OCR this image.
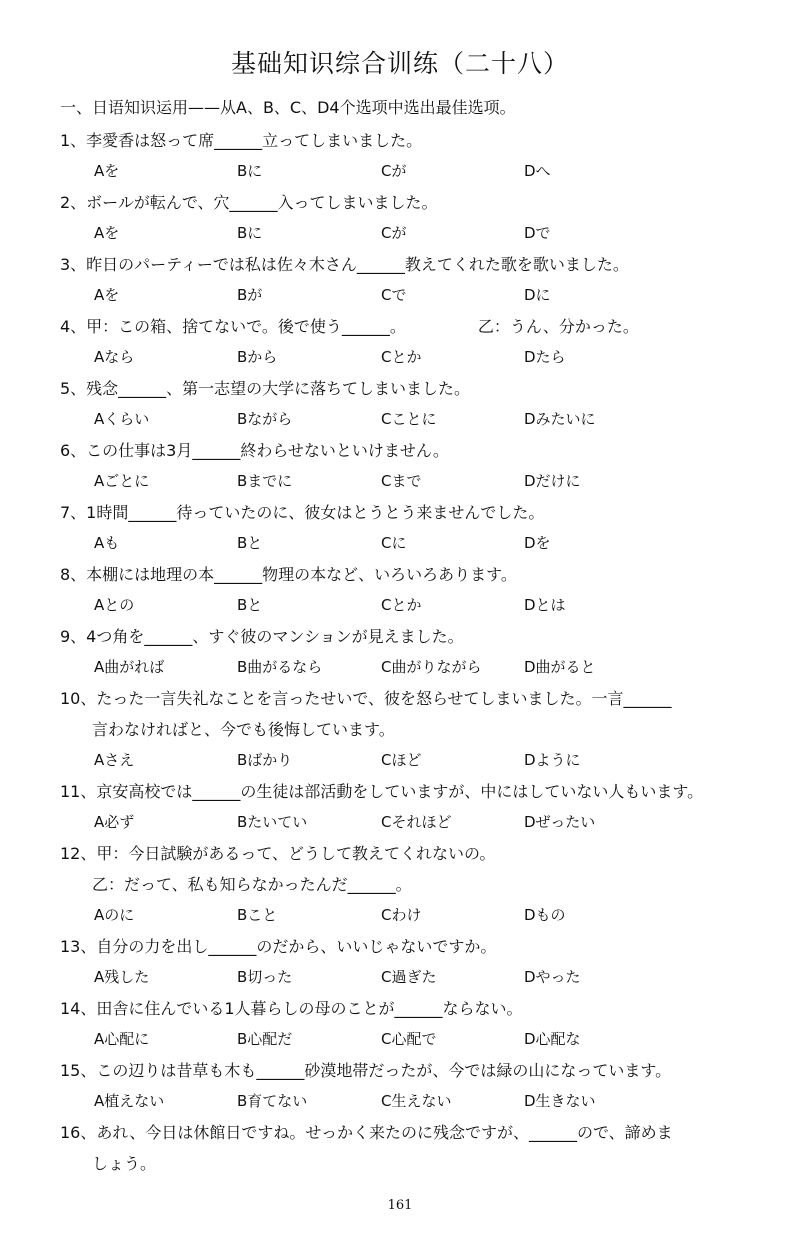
基础知识综合训练（二十八）
一、日语知识运用——从A、B、C、D4个选项中选出最佳选项。
1、李愛香は怒って席______立ってしまいました。
Aを	Bに	Cが	Dへ
2、ボールが転んで、穴______入ってしまいました。
Aを	Bに	Cが	Dで
3、昨日のパーティーでは私は佐々木さん______教えてくれた歌を歌いました。
Aを	Bが	Cで	Dに
4、甲：この箱、捨てないで。後で使う______。　　　　　乙：うん、分かった。
Aなら	Bから	Cとか	Dたら
5、残念______、第一志望の大学に落ちてしまいました。
Aくらい	Bながら	Cことに	Dみたいに
6、この仕事は3月______終わらせないといけません。
Aごとに	Bまでに	Cまで	Dだけに
7、1時間______待っていたのに、彼女はとうとう来ませんでした。
Aも	Bと	Cに	Dを
8、本棚には地理の本______物理の本など、いろいろあります。
Aとの	Bと	Cとか	Dとは
9、4つ角を______、すぐ彼のマンションが見えました。
A曲がれば	B曲がるなら	C曲がりながら	D曲がると
10、たった一言失礼なことを言ったせいで、彼を怒らせてしまいました。一言______
言わなければと、今でも後悔しています。
Aさえ	Bばかり	Cほど	Dように
11、京安高校では______の生徒は部活動をしていますが、中にはしていない人もいます。
A必ず	Bたいてい	Cそれほど	Dぜったい
12、甲：今日試験があるって、どうして教えてくれないの。
乙：だって、私も知らなかったんだ______。
Aのに	Bこと	Cわけ	Dもの
13、自分の力を出し______のだから、いいじゃないですか。
A残した	B切った	C過ぎた	Dやった
14、田舎に住んでいる1人暮らしの母のことが______ならない。
A心配に	B心配だ	C心配で	D心配な
15、この辺りは昔草も木も______砂漠地帯だったが、今では緑の山になっています。
A植えない	B育てない	C生えない	D生きない
16、あれ、今日は休館日ですね。せっかく来たのに残念ですが、______ので、諦めま
しょう。
161
